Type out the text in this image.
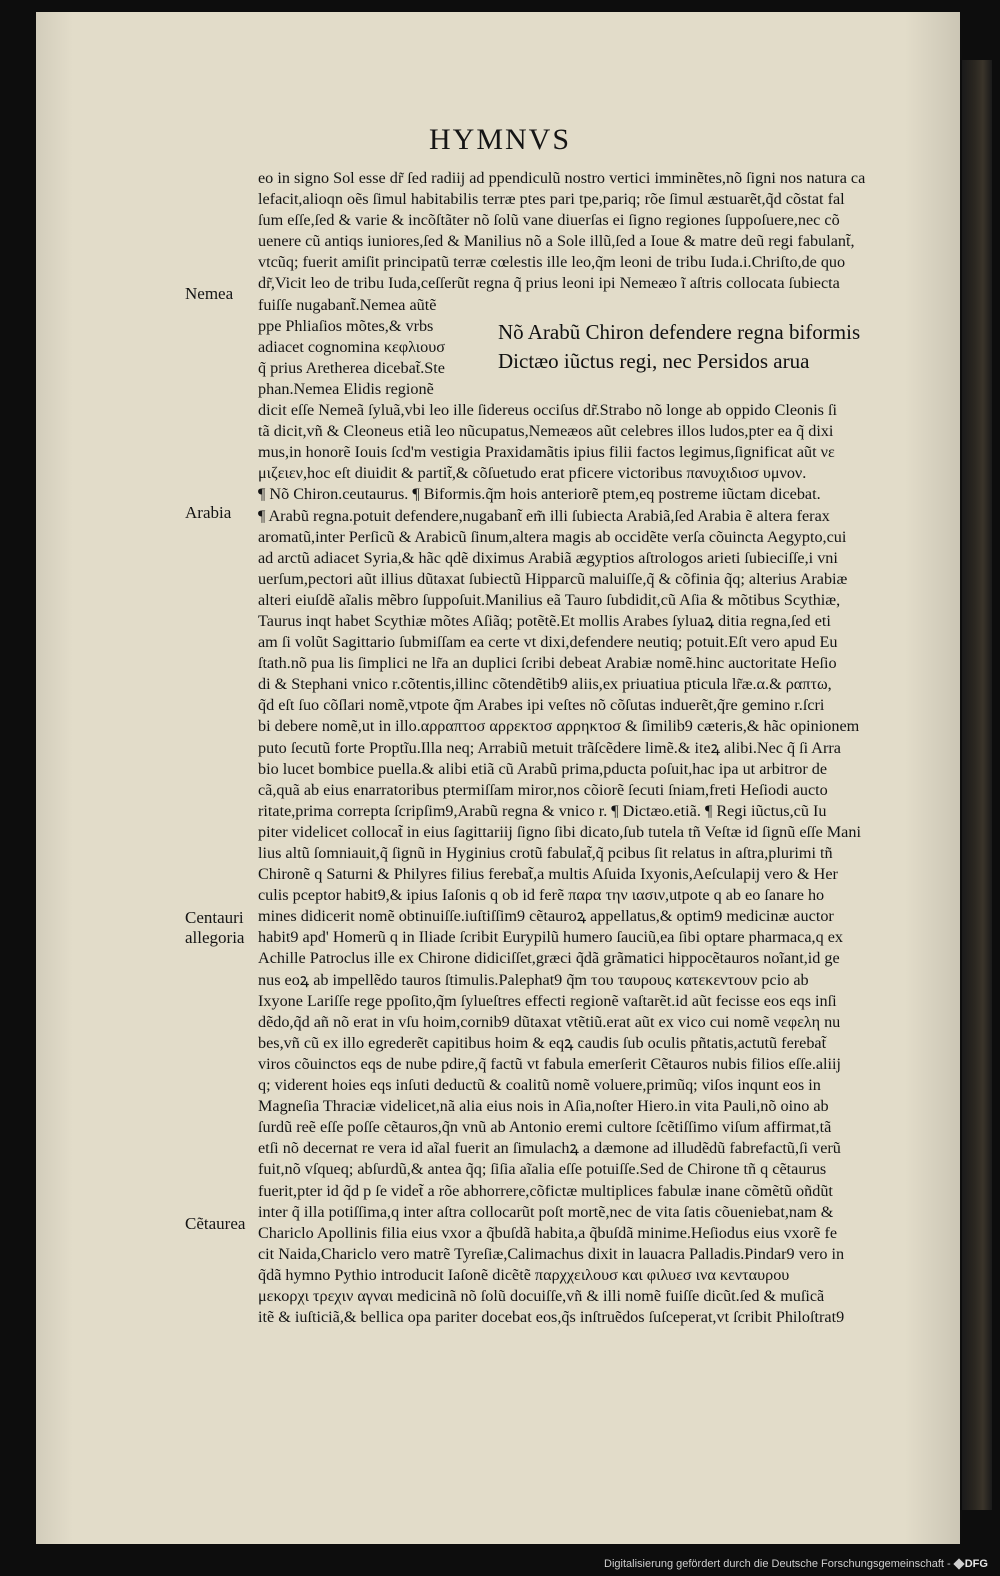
HYMNVS
eo in signo Sol esse dr̃ ſed radiĳ ad ppendiculũ nostro vertici imminẽtes,nõ ſigni nos natura ca
lefacit,alioqn oẽs ſimul habitabilis terræ ptes pari tpe,pariq; rõe ſimul æstuarẽt,q̃d cõstat fal
ſum eſſe,ſed & varie & incõſtãter nõ ſolũ vane diuerſas ei ſigno regiones ſuppoſuere,nec cõ
uenere cũ antiqs iuniores,ſed & Manilius nõ a Sole illũ,ſed a Ioue & matre deũ regi fabulant̃,
vtcũq; fuerit amiſit principatũ terræ cœlestis ille leo,q̃m leoni de tribu Iuda.i.Chriſto,de quo
dr̃,Vicit leo de tribu Iuda,ceſſerũt regna q̃ prius leoni ipi Nemeæo ĩ aſtris collocata ſubiecta
fuiſſe nugabant̃.Nemea aũtẽ
ppe Phliaſios mõtes,& vrbs
adiacet cognomina κεφλιουσ
q̃ prius Aretherea dicebat̃.Ste
phan.Nemea Elidis regionẽ
dicit eſſe Nemeã ſyluã,vbi leo ille ſidereus occiſus dr̃.Strabo nõ longe ab oppido Cleonis ſi
tã dicit,vñ & Cleoneus etiã leo nũcupatus,Nemeæos aũt celebres illos ludos,pter ea q̃ dixi
mus,in honorẽ Iouis ſcd'm vestigia Praxidamãtis ipius filii factos legimus,ſignificat aũt νε
μιζειεν,hoc eſt diuidit & partit̃,& cõſuetudo erat pficere victoribus πανυχιδιοσ υμνον.
¶ Nõ Chiron.ceutaurus. ¶ Biformis.q̃m hois anteriorẽ ptem,eq postreme iũctam dicebat.
¶ Arabũ regna.potuit defendere,nugabant̃ em̃ illi ſubiecta Arabiã,ſed Arabia ẽ altera ferax
aromatũ,inter Perſicũ & Arabicũ ſinum,altera magis ab occidẽte verſa cõuincta Aegypto,cui
ad arctũ adiacet Syria,& hãc qdẽ diximus Arabiã ægyptios aſtrologos arieti ſubieciſſe,i vni
uerſum,pectori aũt illius dũtaxat ſubiectũ Hipparcũ maluiſſe,q̃ & cõfinia q̃q; alterius Arabiæ
alteri eiuſdẽ aĩalis mẽbro ſuppoſuit.Manilius eã Tauro ſubdidit,cũ Aſia & mõtibus Scythiæ,
Taurus inqt habet Scythiæ mõtes Aſiãq; potẽtẽ.Et mollis Arabes ſyluaꝝ ditia regna,ſed eti
am ſi volũt Sagittario ſubmiſſam ea certe vt dixi,defendere neutiq; potuit.Eſt vero apud Eu
ſtath.nõ pua lis ſimplici ne lr̃a an duplici ſcribi debeat Arabiæ nomẽ.hinc auctoritate Heſio
di & Stephani vnico r.cõtentis,illinc cõtendẽtib9 aliis,ex priuatiua pticula lr̃æ.α.& ραπτω,
q̃d eſt ſuo cõſlari nomẽ,vtpote q̃m Arabes ipi veſtes nõ cõſutas induerẽt,q̃re gemino r.ſcri
bi debere nomẽ,ut in illo.αρραπτοσ αρρεκτοσ αρρηκτοσ & ſimilib9 cæteris,& hãc opinionem
puto ſecutũ forte Proptĩu.Illa neq; Arrabiũ metuit trãſcẽdere limẽ.& iteꝝ alibi.Nec q̃ ſi Arra
bio lucet bombice puella.& alibi etiã cũ Arabũ prima,pducta poſuit,hac ipa ut arbitror de
cã,quã ab eius enarratoribus ptermiſſam miror,nos cõiorẽ ſecuti ſniam,freti Heſiodi aucto
ritate,prima correpta ſcripſim9,Arabũ regna & vnico r. ¶ Dictæo.etiã. ¶ Regi iũctus,cũ Iu
piter videlicet collocat̃ in eius ſagittariĳ ſigno ſibi dicato,ſub tutela tñ Veſtæ id ſignũ eſſe Mani
lius altũ ſomniauit,q̃ ſignũ in Hyginius crotũ fabulat̃,q̃ pcibus ſit relatus in aſtra,plurimi tñ
Chironẽ q Saturni & Philyres filius ferebat̃,a multis Aſuida Ixyonis,Aeſculapĳ vero & Her
culis pceptor habit9,& ipius Iaſonis q ob id ferẽ παρα την ιασιν,utpote q ab eo ſanare ho
mines didicerit nomẽ obtinuiſſe.iuſtiſſim9 cẽtauroꝝ appellatus,& optim9 medicinæ auctor
habit9 apd' Homerũ q in Iliade ſcribit Eurypilũ humero ſauciũ,ea ſibi optare pharmaca,q ex
Achille Patroclus ille ex Chirone didiciſſet,græci q̃dã grãmatici hippocẽtauros noĩant,id ge
nus eoꝝ ab impellẽdo tauros ſtimulis.Palephat9 q̃m του ταυρους κατεκεντουν pcio ab
Ixyone Lariſſe rege ppoſito,q̃m ſylueſtres effecti regionẽ vaſtarẽt.id aũt fecisse eos eqs inſi
dẽdo,q̃d añ nõ erat in vſu hoim,cornib9 dũtaxat vtẽtiũ.erat aũt ex vico cui nomẽ νεφελη nu
bes,vñ cũ ex illo egrederẽt capitibus hoim & eqꝝ caudis ſub oculis pñtatis,actutũ ferebat̃
viros cõuinctos eqs de nube pdire,q̃ factũ vt fabula emerſerit Cẽtauros nubis filios eſſe.aliĳ
q; viderent hoies eqs inſuti deductũ & coalitũ nomẽ voluere,primũq; viſos inqunt eos in
Magneſia Thraciæ videlicet,nã alia eius nois in Aſia,noſter Hiero.in vita Pauli,nõ oino ab
ſurdũ reẽ eſſe poſſe cẽtauros,q̃n vnũ ab Antonio eremi cultore ſcẽtiſſimo viſum affirmat,tã
etſi nõ decernat re vera id aĩal fuerit an ſimulachꝝ a dæmone ad illudẽdũ fabrefactũ,ſi verũ
fuit,nõ vſqueq; abſurdũ,& antea q̃q; ſiſia aĩalia eſſe potuiſſe.Sed de Chirone tñ q cẽtaurus
fuerit,pter id q̃d p ſe videt̃ a rõe abhorrere,cõfictæ multiplices fabulæ inane cõmẽtũ oñdũt
inter q̃ illa potiſſima,q inter aſtra collocarũt poſt mortẽ,nec de vita ſatis cõueniebat,nam &
Chariclo Apollinis filia eius vxor a q̃buſdã habita,a q̃buſdã minime.Heſiodus eius vxorẽ fe
cit Naida,Chariclo vero matrẽ Tyreſiæ,Calimachus dixit in lauacra Palladis.Pindar9 vero in
q̃dã hymno Pythio introducit Iaſonẽ dicẽtẽ παρχχειλουσ και φιλυεσ ινα κενταυρου
μεκορχι τρεχιν αγναι medicinã nõ ſolũ docuiſſe,vñ & illi nomẽ fuiſſe dicũt.ſed & muſicã
itẽ & iuſticiã,& bellica opa pariter docebat eos,q̃s inſtruẽdos ſuſceperat,vt ſcribit Philoſtrat9
Nõ Arabũ Chiron defendere regna biformis
Dictæo iũctus regi, nec Persidos arua
Nemea
Arabia
Centauri
allegoria
Cẽtaurea
Digitalisierung gefördert durch die Deutsche Forschungsgemeinschaft - DFG
